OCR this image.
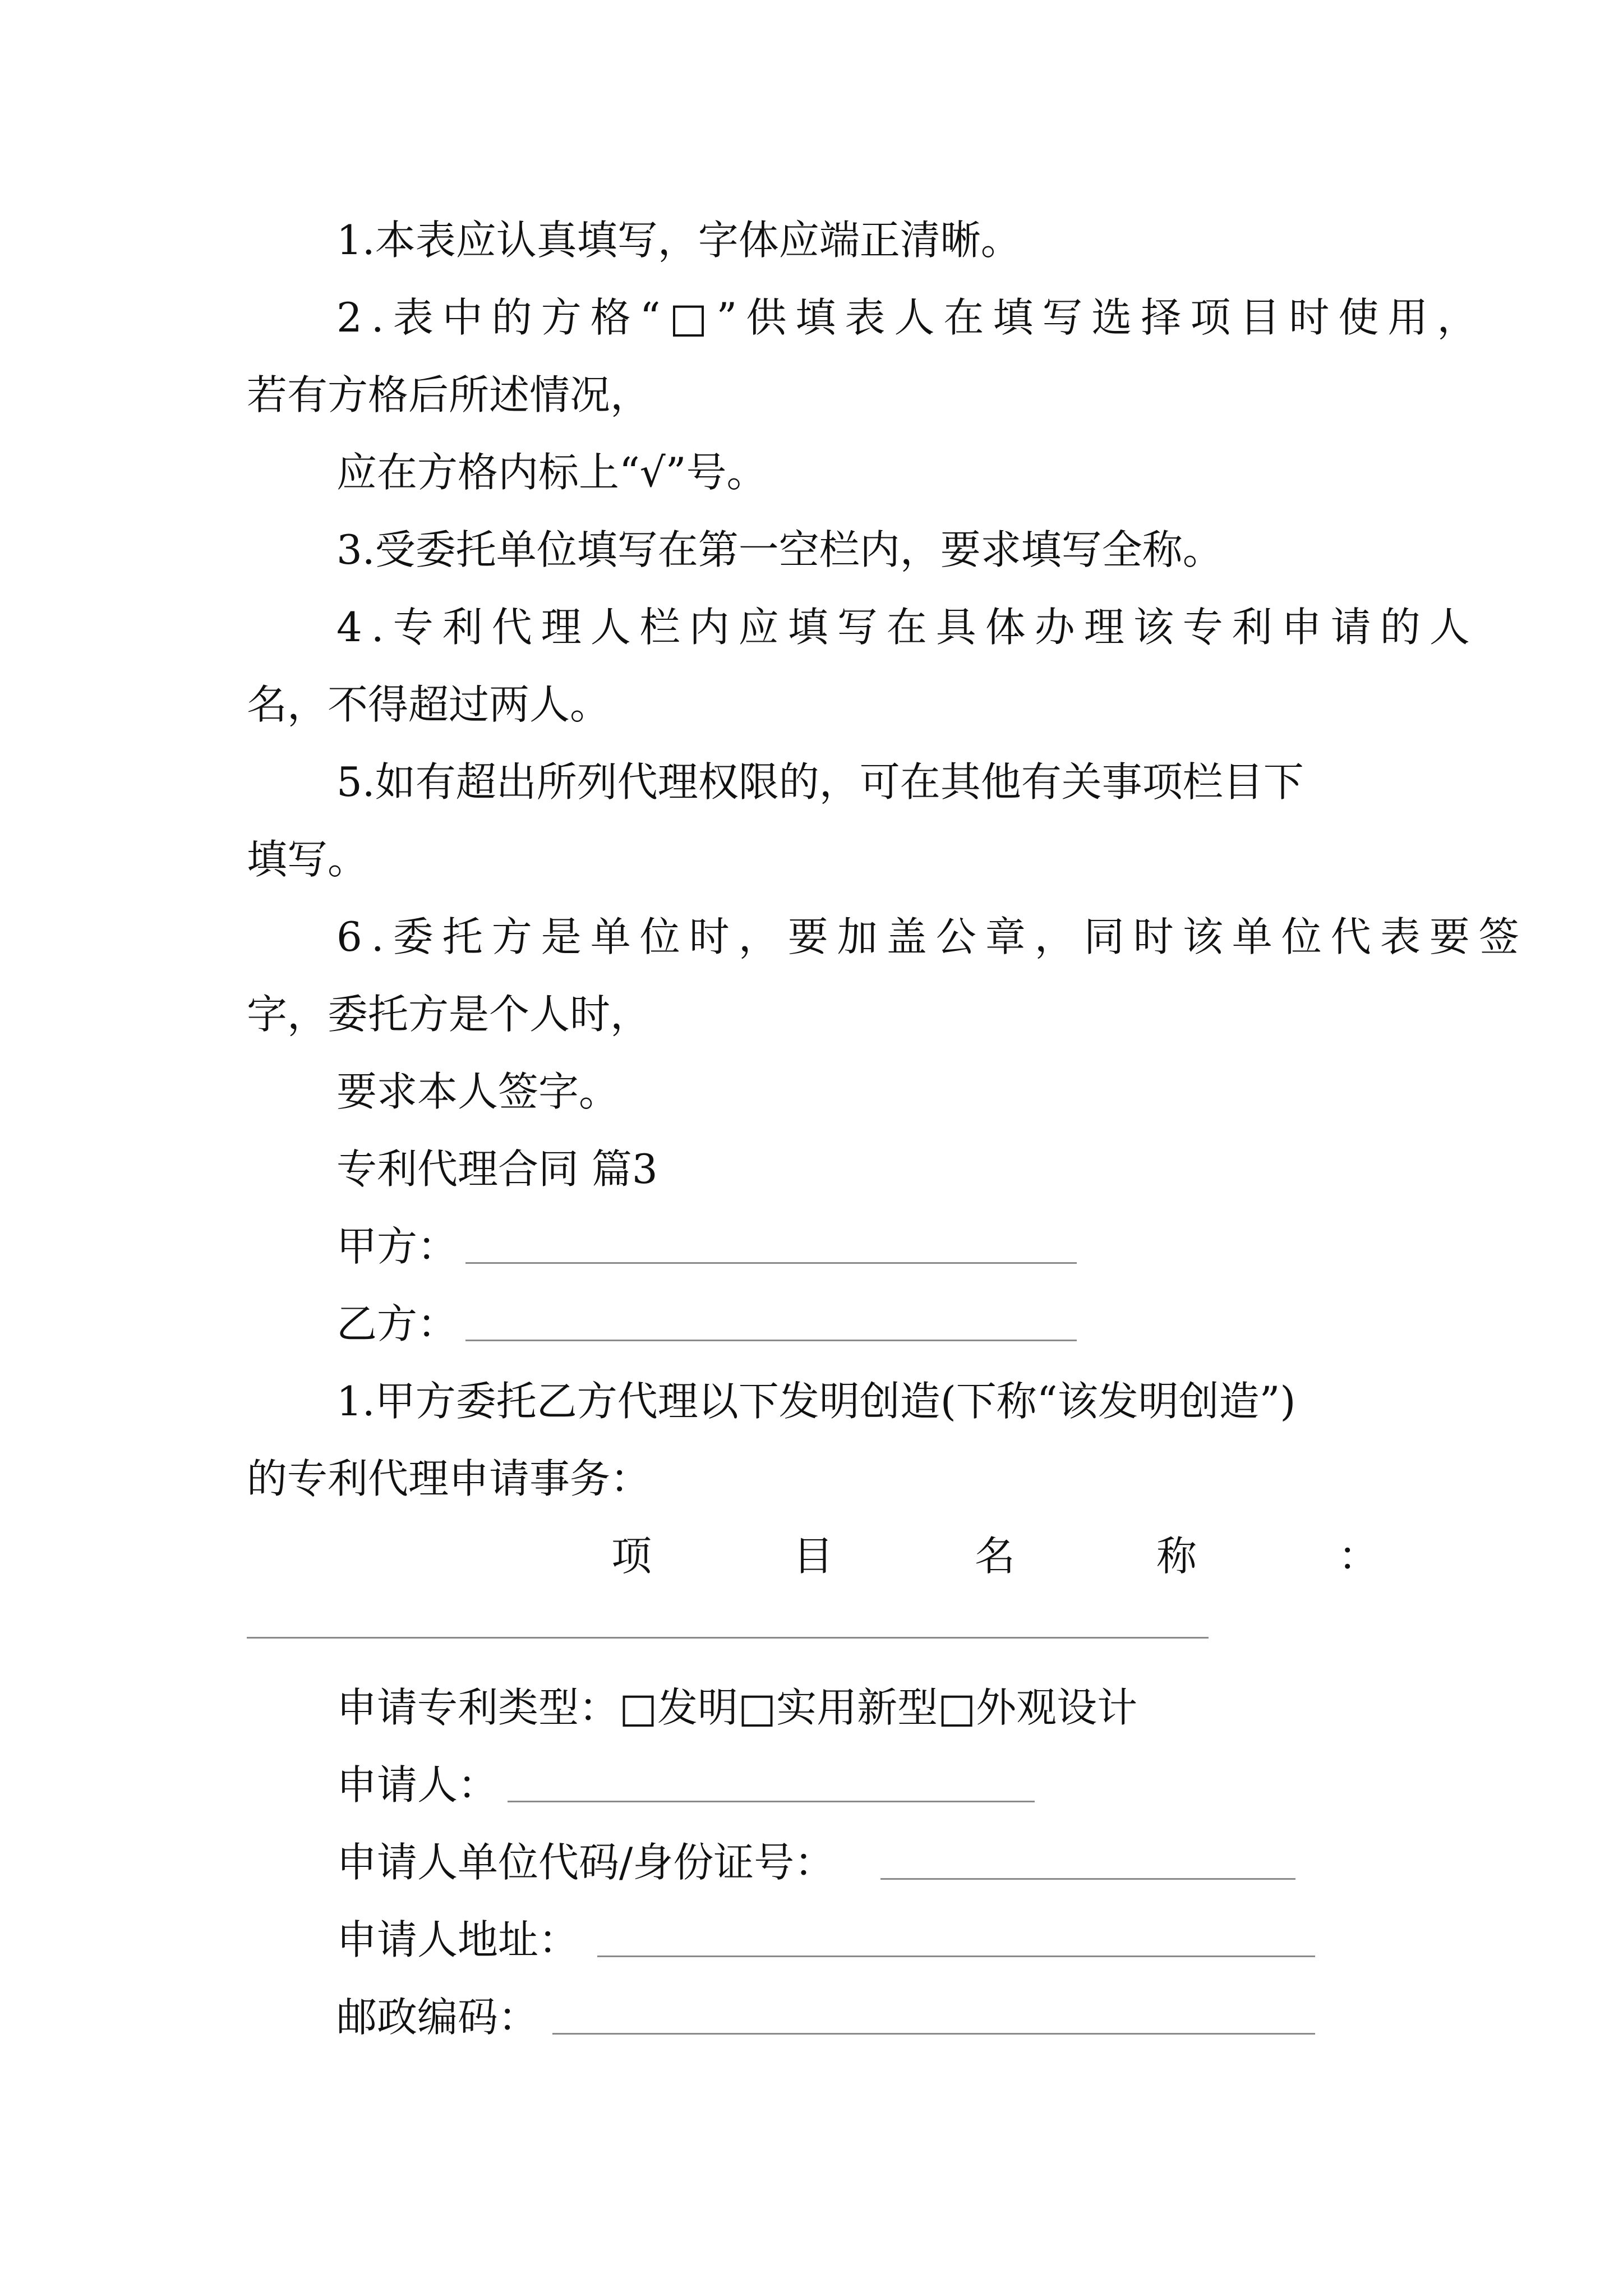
1.本表应认真填写，字体应端正清晰。
2.表中的方格“□”供填表人在填写选择项目时使用，
若有方格后所述情况，
应在方格内标上“√”号。
3.受委托单位填写在第一空栏内，要求填写全称。
4.专利代理人栏内应填写在具体办理该专利申请的人
名，不得超过两人。
5.如有超出所列代理权限的，可在其他有关事项栏目下
填写。
6.委托方是单位时，要加盖公章，同时该单位代表要签
字，委托方是个人时，
要求本人签字。
专利代理合同 篇3
甲方：
乙方：
1.甲方委托乙方代理以下发明创造(下称“该发明创造”)
的专利代理申请事务：
项	目	名	称	：
申请专利类型：□发明□实用新型□外观设计
申请人：
申请人单位代码/身份证号：
申请人地址：
邮政编码：
